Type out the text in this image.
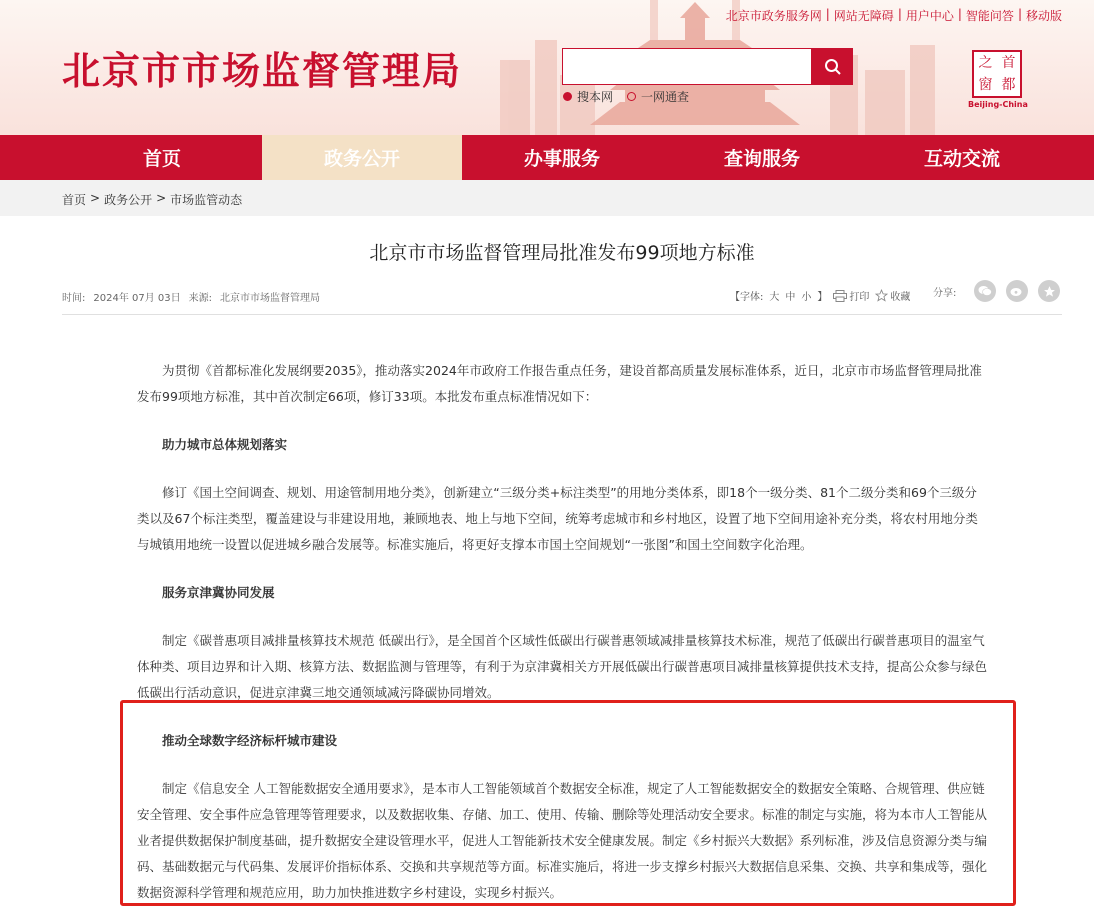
北京市政务服务网 | 网站无障碍 | 用户中心 | 智能问答 | 移动版
北京市市场监督管理局
搜本网 一网通查
之 首
窗 都
Beijing-China
首页	政务公开	办事服务	查询服务	互动交流
首页 > 政务公开 > 市场监管动态
北京市市场监督管理局批准发布99项地方标准
时间: 2024年 07月 03日 来源: 北京市市场监督管理局	【字体: 大 中 小 】 打印 收藏 分享:

为贯彻《首都标准化发展纲要2035》，推动落实2024年市政府工作报告重点任务，建设首都高质量发展标准体系，近日，北京市市场监督管理局批准发布99项地方标准，其中首次制定66项，修订33项。本批发布重点标准情况如下：

助力城市总体规划落实

修订《国土空间调查、规划、用途管制用地分类》，创新建立“三级分类+标注类型”的用地分类体系，即18个一级分类、81个二级分类和69个三级分类以及67个标注类型，覆盖建设与非建设用地，兼顾地表、地上与地下空间，统筹考虑城市和乡村地区，设置了地下空间用途补充分类，将农村用地分类与城镇用地统一设置以促进城乡融合发展等。标准实施后，将更好支撑本市国土空间规划“一张图”和国土空间数字化治理。

服务京津冀协同发展

制定《碳普惠项目减排量核算技术规范 低碳出行》，是全国首个区域性低碳出行碳普惠领域减排量核算技术标准，规范了低碳出行碳普惠项目的温室气体种类、项目边界和计入期、核算方法、数据监测与管理等，有利于为京津冀相关方开展低碳出行碳普惠项目减排量核算提供技术支持，提高公众参与绿色低碳出行活动意识，促进京津冀三地交通领域减污降碳协同增效。

推动全球数字经济标杆城市建设

制定《信息安全 人工智能数据安全通用要求》，是本市人工智能领域首个数据安全标准，规定了人工智能数据安全的数据安全策略、合规管理、供应链安全管理、安全事件应急管理等管理要求，以及数据收集、存储、加工、使用、传输、删除等处理活动安全要求。标准的制定与实施，将为本市人工智能从业者提供数据保护制度基础，提升数据安全建设管理水平，促进人工智能新技术安全健康发展。制定《乡村振兴大数据》系列标准，涉及信息资源分类与编码、基础数据元与代码集、发展评价指标体系、交换和共享规范等方面。标准实施后，将进一步支撑乡村振兴大数据信息采集、交换、共享和集成等，强化数据资源科学管理和规范应用，助力加快推进数字乡村建设，实现乡村振兴。
